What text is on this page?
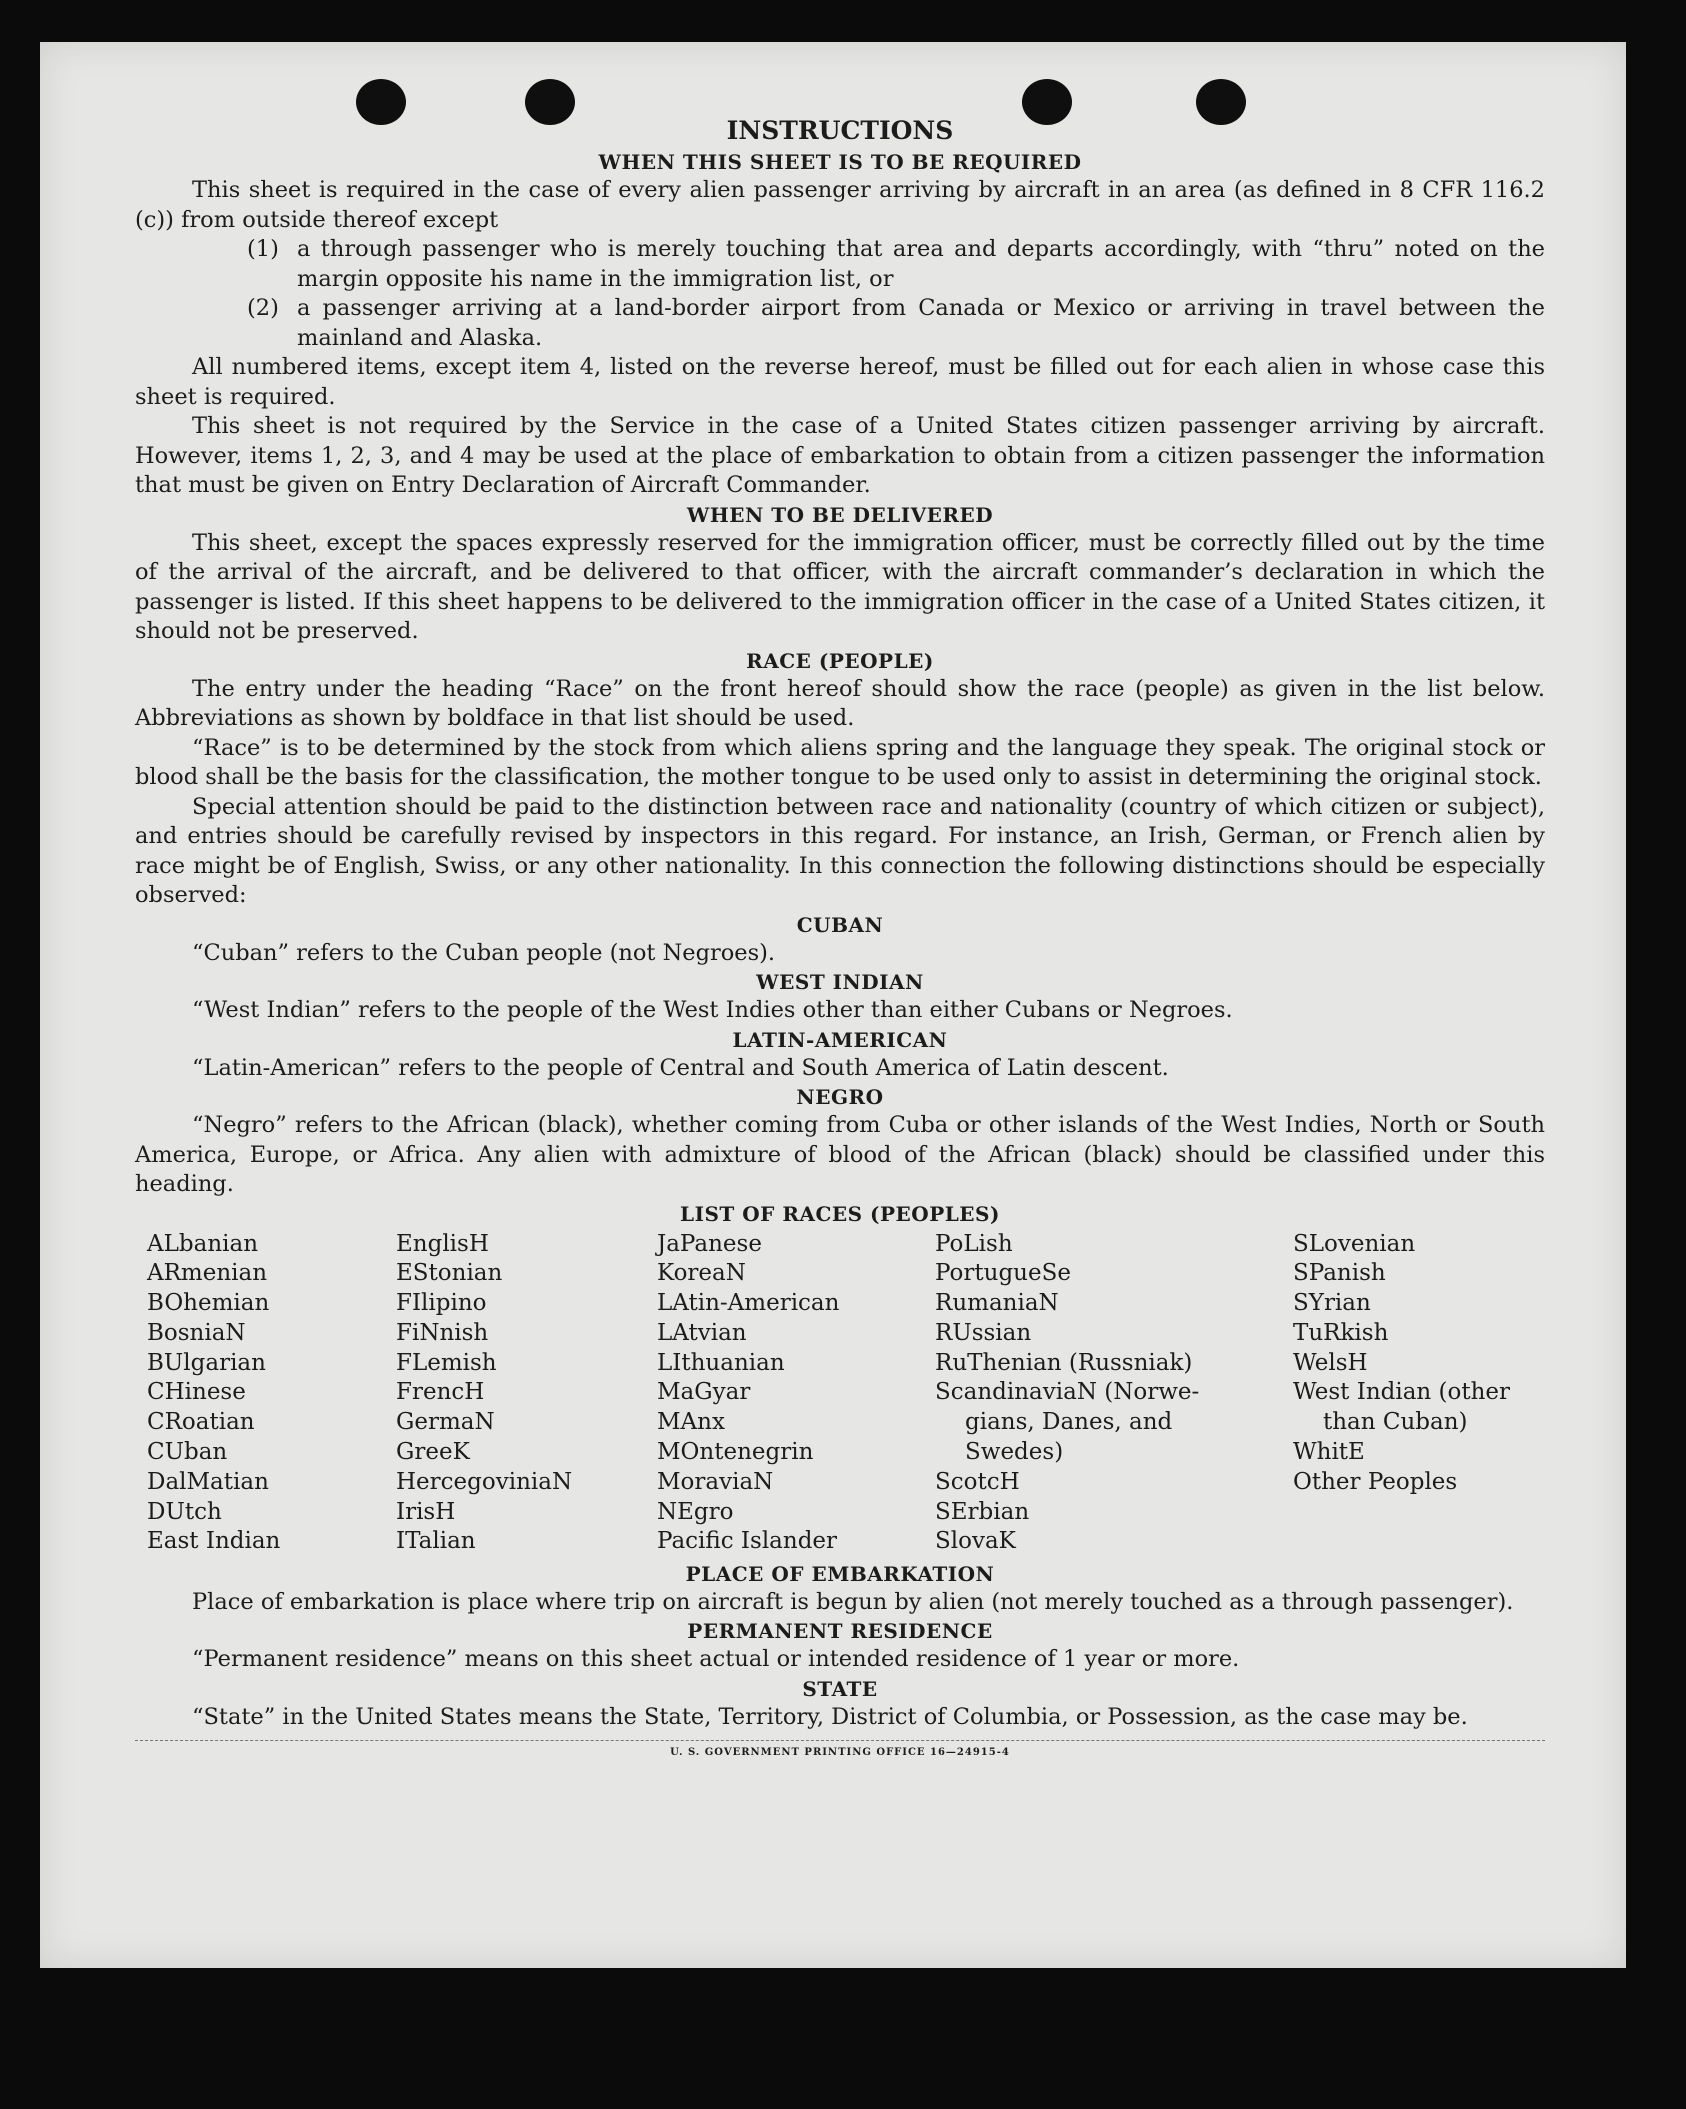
INSTRUCTIONS

WHEN THIS SHEET IS TO BE REQUIRED

This sheet is required in the case of every alien passenger arriving by aircraft in an area (as defined in 8 CFR 116.2 (c)) from outside thereof except

(1) a through passenger who is merely touching that area and departs accordingly, with “thru” noted on the margin opposite his name in the immigration list, or
(2) a passenger arriving at a land-border airport from Canada or Mexico or arriving in travel between the mainland and Alaska.

All numbered items, except item 4, listed on the reverse hereof, must be filled out for each alien in whose case this sheet is required.

This sheet is not required by the Service in the case of a United States citizen passenger arriving by aircraft. However, items 1, 2, 3, and 4 may be used at the place of embarkation to obtain from a citizen passenger the information that must be given on Entry Declaration of Aircraft Commander.

WHEN TO BE DELIVERED

This sheet, except the spaces expressly reserved for the immigration officer, must be correctly filled out by the time of the arrival of the aircraft, and be delivered to that officer, with the aircraft commander’s declaration in which the passenger is listed. If this sheet happens to be delivered to the immigration officer in the case of a United States citizen, it should not be preserved.

RACE (PEOPLE)

The entry under the heading “Race” on the front hereof should show the race (people) as given in the list below. Abbreviations as shown by boldface in that list should be used.

“Race” is to be determined by the stock from which aliens spring and the language they speak. The original stock or blood shall be the basis for the classification, the mother tongue to be used only to assist in determining the original stock.

Special attention should be paid to the distinction between race and nationality (country of which citizen or subject), and entries should be carefully revised by inspectors in this regard. For instance, an Irish, German, or French alien by race might be of English, Swiss, or any other nationality. In this connection the following distinctions should be especially observed:

CUBAN

“Cuban” refers to the Cuban people (not Negroes).

WEST INDIAN

“West Indian” refers to the people of the West Indies other than either Cubans or Negroes.

LATIN-AMERICAN

“Latin-American” refers to the people of Central and South America of Latin descent.

NEGRO

“Negro” refers to the African (black), whether coming from Cuba or other islands of the West Indies, North or South America, Europe, or Africa. Any alien with admixture of blood of the African (black) should be classified under this heading.

LIST OF RACES (PEOPLES)

ALbanian
ARmenian
BOhemian
BosniaN
BUlgarian
CHinese
CRoatian
CUban
DalMatian
DUtch
East Indian
EnglisH
EStonian
FIlipino
FiNnish
FLemish
FrencH
GermaN
GreeK
HercegoviniaN
IrisH
ITalian
JaPanese
KoreaN
LAtin-American
LAtvian
LIthuanian
MaGyar
MAnx
MOntenegrin
MoraviaN
NEgro
Pacific Islander
PoLish
PortugueSe
RumaniaN
RUssian
RuThenian (Russniak)
ScandinaviaN (Norwe-
gians, Danes, and
Swedes)
ScotcH
SErbian
SlovaK
SLovenian
SPanish
SYrian
TuRkish
WelsH
West Indian (other
than Cuban)
WhitE
Other Peoples

PLACE OF EMBARKATION

Place of embarkation is place where trip on aircraft is begun by alien (not merely touched as a through passenger).

PERMANENT RESIDENCE

“Permanent residence” means on this sheet actual or intended residence of 1 year or more.

STATE

“State” in the United States means the State, Territory, District of Columbia, or Possession, as the case may be.

U. S. GOVERNMENT PRINTING OFFICE 16—24915-4
